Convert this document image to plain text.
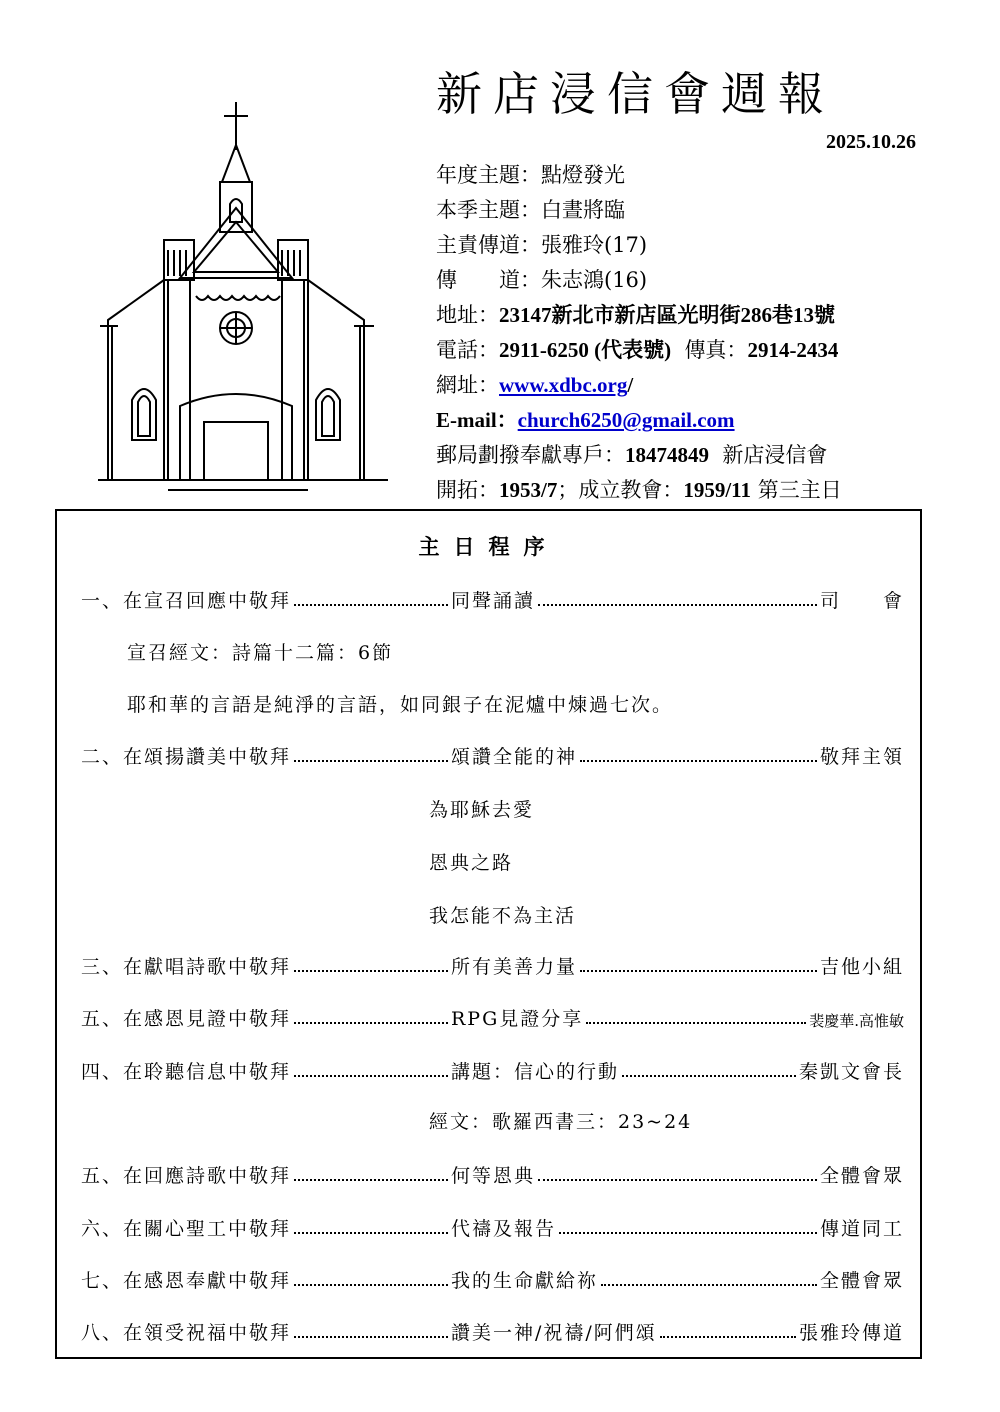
新店浸信會週報
2025.10.26
年度主題：點燈發光
本季主題：白晝將臨
主責傳道：張雅玲(17)
傳　　道：朱志鴻(16)
地址：23147新北市新店區光明街286巷13號
電話：2911-6250 (代表號) 傳真：2914-2434
網址：www.xdbc.org/
E-mail：church6250@gmail.com
郵局劃撥奉獻專戶：18474849 新店浸信會
開拓：1953/7；成立教會：1959/11 第三主日
主日程序
一、在宣召回應中敬拜	同聲誦讀	司　　會
宣召經文：詩篇十二篇：6節
耶和華的言語是純淨的言語，如同銀子在泥爐中煉過七次。
二、在頌揚讚美中敬拜	頌讚全能的神	敬拜主領
為耶穌去愛
恩典之路
我怎能不為主活
三、在獻唱詩歌中敬拜	所有美善力量	吉他小組
五、在感恩見證中敬拜	RPG見證分享	裴慶華.高惟敏
四、在聆聽信息中敬拜	講題：信心的行動	秦凱文會長
經文：歌羅西書三：23~24
五、在回應詩歌中敬拜	何等恩典	全體會眾
六、在關心聖工中敬拜	代禱及報告	傳道同工
七、在感恩奉獻中敬拜	我的生命獻給祢	全體會眾
八、在領受祝福中敬拜	讚美一神/祝禱/阿們頌	張雅玲傳道
